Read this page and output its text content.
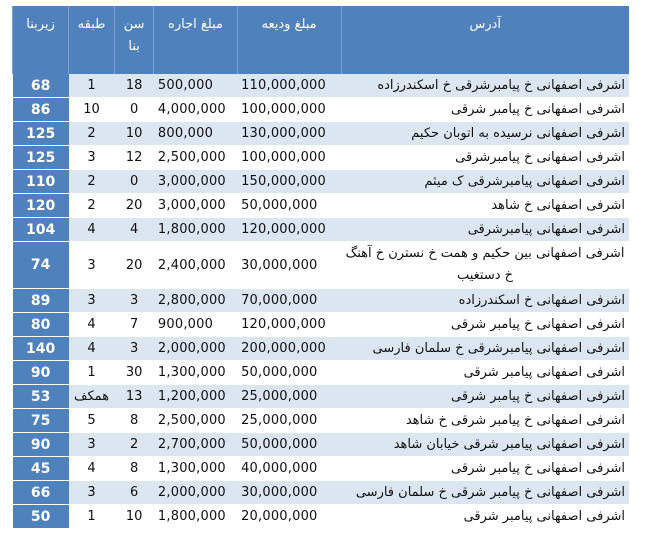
آدرس	مبلغ ودیعه	مبلغ اجاره	سن بنا	طبقه	زیربنا
اشرفی اصفهانی خ پیامبرشرقی خ اسکندرزاده	110,000,000	500,000	18	1	68
اشرفی اصفهانی خ پیامبر شرقی	100,000,000	4,000,000	0	10	86
اشرفی اصفهانی نرسیده به اتوبان حکیم	130,000,000	800,000	10	2	125
اشرفی اصفهانی خ پیامبرشرقی	100,000,000	2,500,000	12	3	125
اشرفی اصفهانی پیامبرشرقی ک میثم	150,000,000	3,000,000	0	2	110
اشرفی اصفهانی خ شاهد	50,000,000	3,000,000	20	2	120
اشرفی اصفهانی پیامبرشرقی	120,000,000	1,800,000	4	4	104
اشرفی اصفهانی بین حکیم و همت خ نسترن خ آهنگ خ دستغیب	30,000,000	2,400,000	20	3	74
اشرفی اصفهانی خ اسکندرزاده	70,000,000	2,800,000	3	3	89
اشرفی اصفهانی خ پیامبر شرقی	120,000,000	900,000	7	4	80
اشرفی اصفهانی پیامبرشرقی خ سلمان فارسی	200,000,000	2,000,000	3	4	140
اشرفی اصفهانی پیامبر شرقی	50,000,000	1,300,000	30	1	90
اشرفی اصفهانی خ پیامبر شرقی	25,000,000	1,200,000	13	همکف	53
اشرفی اصفهانی خ پیامبر شرقی خ شاهد	25,000,000	2,500,000	8	5	75
اشرفی اصفهانی پیامبر شرقی خیابان شاهد	50,000,000	2,700,000	2	3	90
اشرفی اصفهانی خ پیامبر شرقی	40,000,000	1,300,000	8	4	45
اشرفی اصفهانی خ پیامبر شرقی خ سلمان فارسی	30,000,000	2,000,000	6	3	66
اشرفی اصفهانی پیامبر شرقی	20,000,000	1,800,000	10	1	50
